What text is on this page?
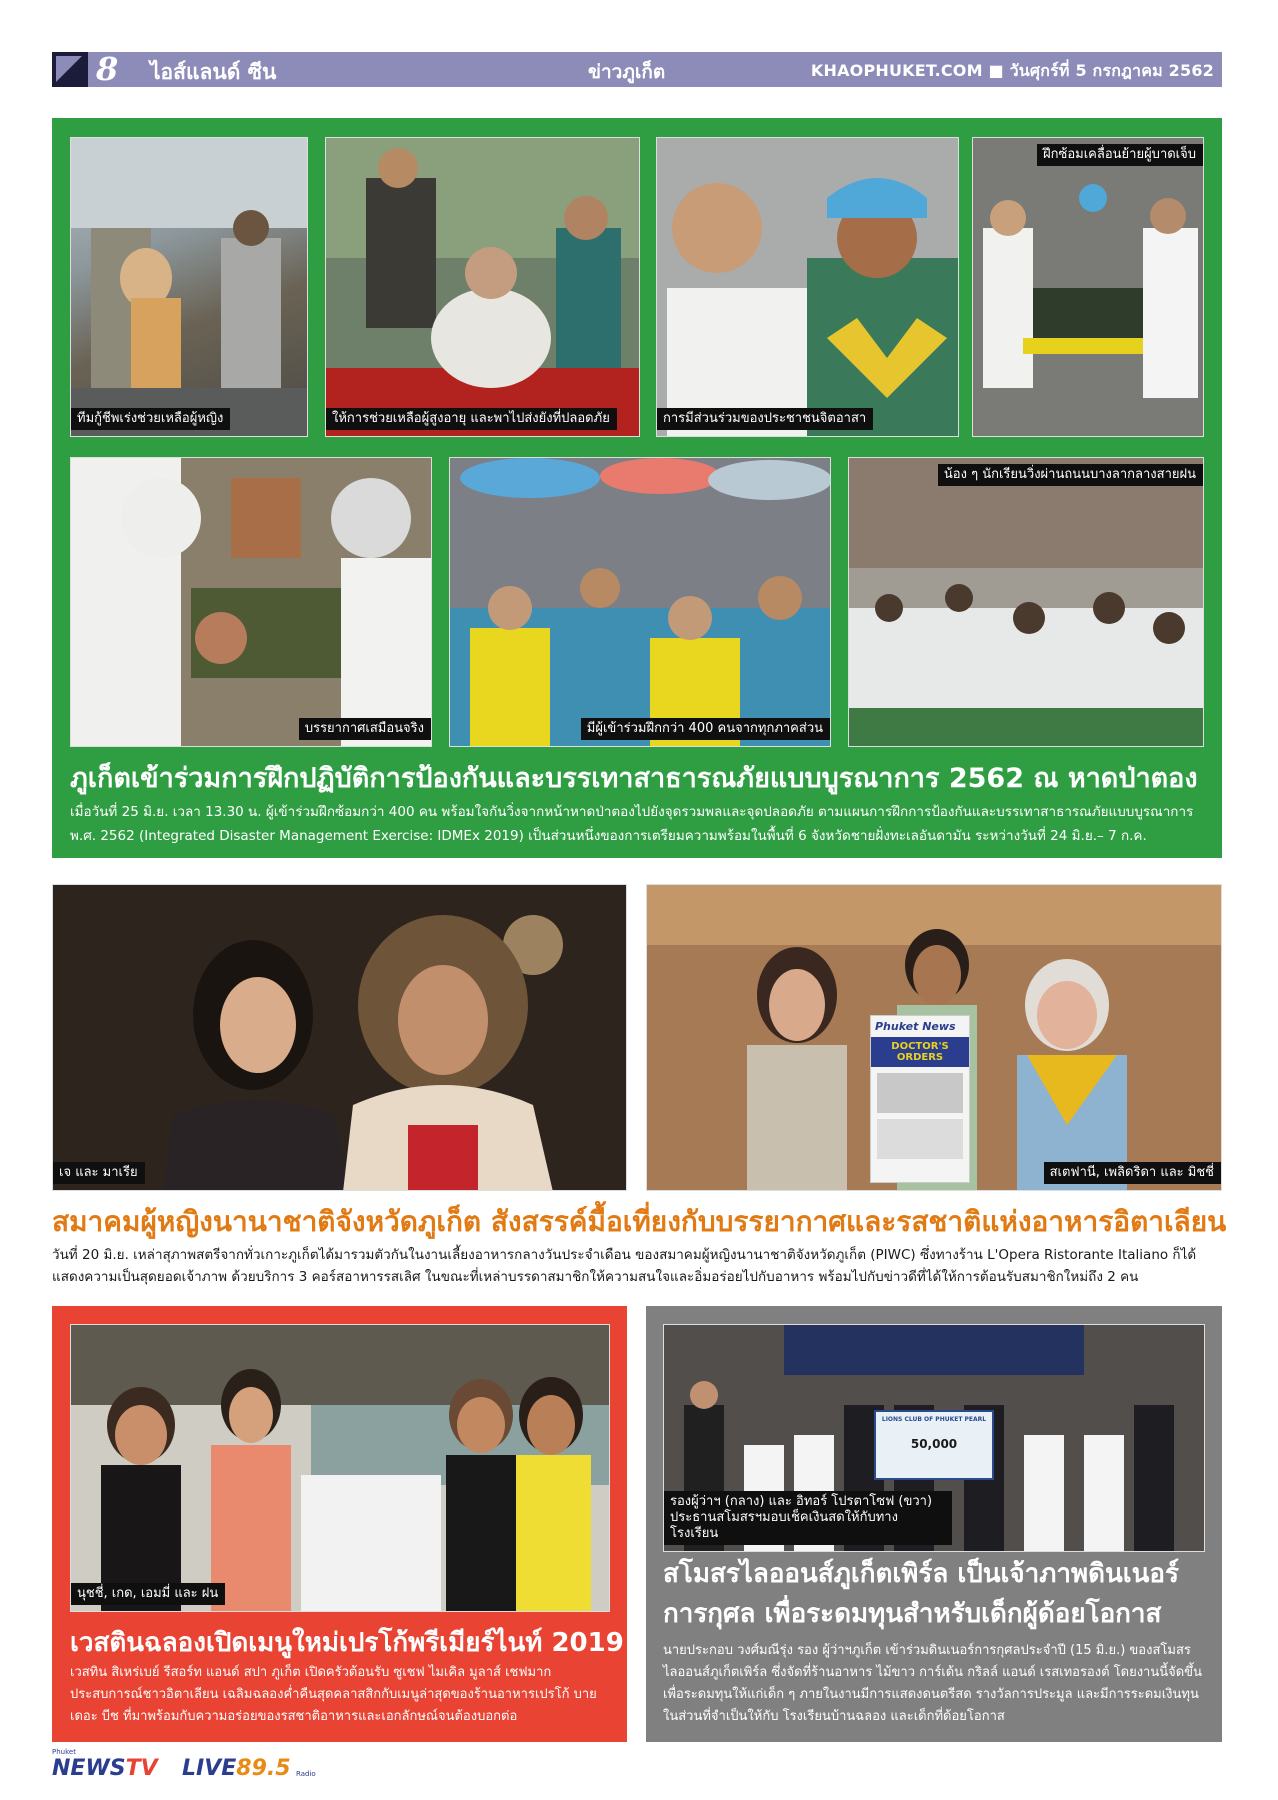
8 ไอส์แลนด์ ซีน	ข่าวภูเก็ต	KHAOPHUKET.COM ■ วันศุกร์ที่ 5 กรกฎาคม 2562
ทีมกู้ชีพเร่งช่วยเหลือผู้หญิง	ให้การช่วยเหลือผู้สูงอายุ และพาไปส่งยังที่ปลอดภัย	การมีส่วนร่วมของประชาชนจิตอาสา
ฝึกซ้อมเคลื่อนย้ายผู้บาดเจ็บ
บรรยากาศเสมือนจริง	มีผู้เข้าร่วมฝึกกว่า 400 คนจากทุกภาคส่วน
น้อง ๆ นักเรียนวิ่งผ่านถนนบางลากลางสายฝน
ภูเก็ตเข้าร่วมการฝึกปฏิบัติการป้องกันและบรรเทาสาธารณภัยแบบบูรณาการ 2562 ณ หาดป่าตอง
เมื่อวันที่ 25 มิ.ย. เวลา 13.30 น. ผู้เข้าร่วมฝึกซ้อมกว่า 400 คน พร้อมใจกันวิ่งจากหน้าหาดป่าตองไปยังจุดรวมพลและจุดปลอดภัย ตามแผนการฝึกการป้องกันและบรรเทาสาธารณภัยแบบบูรณาการ พ.ศ. 2562 (Integrated Disaster Management Exercise: IDMEx 2019) เป็นส่วนหนึ่งของการเตรียมความพร้อมในพื้นที่ 6 จังหวัดชายฝั่งทะเลอันดามัน ระหว่างวันที่ 24 มิ.ย.– 7 ก.ค.
เจ และ มาเรีย
Phuket News
DOCTOR'S ORDERS
สเตฟานี, เพลิดริดา และ มิชชี่
สมาคมผู้หญิงนานาชาติจังหวัดภูเก็ต สังสรรค์มื้อเที่ยงกับบรรยากาศและรสชาติแห่งอาหารอิตาเลียน
วันที่ 20 มิ.ย. เหล่าสุภาพสตรีจากทั่วเกาะภูเก็ตได้มารวมตัวกันในงานเลี้ยงอาหารกลางวันประจำเดือน ของสมาคมผู้หญิงนานาชาติจังหวัดภูเก็ต (PIWC) ซึ่งทางร้าน L'Opera Ristorante Italiano ก็ได้แสดงความเป็นสุดยอดเจ้าภาพ ด้วยบริการ 3 คอร์สอาหารรสเลิศ ในขณะที่เหล่าบรรดาสมาชิกให้ความสนใจและอิ่มอร่อยไปกับอาหาร พร้อมไปกับข่าวดีที่ได้ให้การต้อนรับสมาชิกใหม่ถึง 2 คน
นุชชี่, เกด, เอมมี่ และ ฝน
เวสตินฉลองเปิดเมนูใหม่เปรโก้พรีเมียร์ไนท์ 2019
เวสทิน สิเหร่เบย์ รีสอร์ท แอนด์ สปา ภูเก็ต เปิดครัวต้อนรับ ซูเชฟ ไมเคิล มูลาส์ เชฟมากประสบการณ์ชาวอิตาเลียน เฉลิมฉลองค่ำคืนสุดคลาสสิกกับเมนูล่าสุดของร้านอาหารเปรโก้ บาย เดอะ บีช ที่มาพร้อมกับความอร่อยของรสชาติอาหารและเอกลักษณ์จนต้องบอกต่อ
LIONS CLUB OF PHUKET PEARL
50,000
รองผู้ว่าฯ (กลาง) และ อิทอร์ โปรตาโซฟ (ขวา) ประธานสโมสรฯมอบเช็คเงินสดให้กับทางโรงเรียน
สโมสรไลออนส์ภูเก็ตเพิร์ล เป็นเจ้าภาพดินเนอร์การกุศล เพื่อระดมทุนสำหรับเด็กผู้ด้อยโอกาส
นายประกอบ วงศ์มณีรุ่ง รอง ผู้ว่าฯภูเก็ต เข้าร่วมดินเนอร์การกุศลประจำปี (15 มิ.ย.) ของสโมสรไลออนส์ภูเก็ตเพิร์ล ซึ่งจัดที่ร้านอาหาร ไม้ขาว การ์เด้น กริลล์ แอนด์ เรสเทอรองต์ โดยงานนี้จัดขึ้นเพื่อระดมทุนให้แก่เด็ก ๆ ภายในงานมีการแสดงดนตรีสด รางวัลการประมูล และมีการระดมเงินทุนในส่วนที่จำเป็นให้กับ โรงเรียนบ้านฉลอง และเด็กที่ด้อยโอกาส
Phuket
NEWSTV LIVE89.5 Radio
